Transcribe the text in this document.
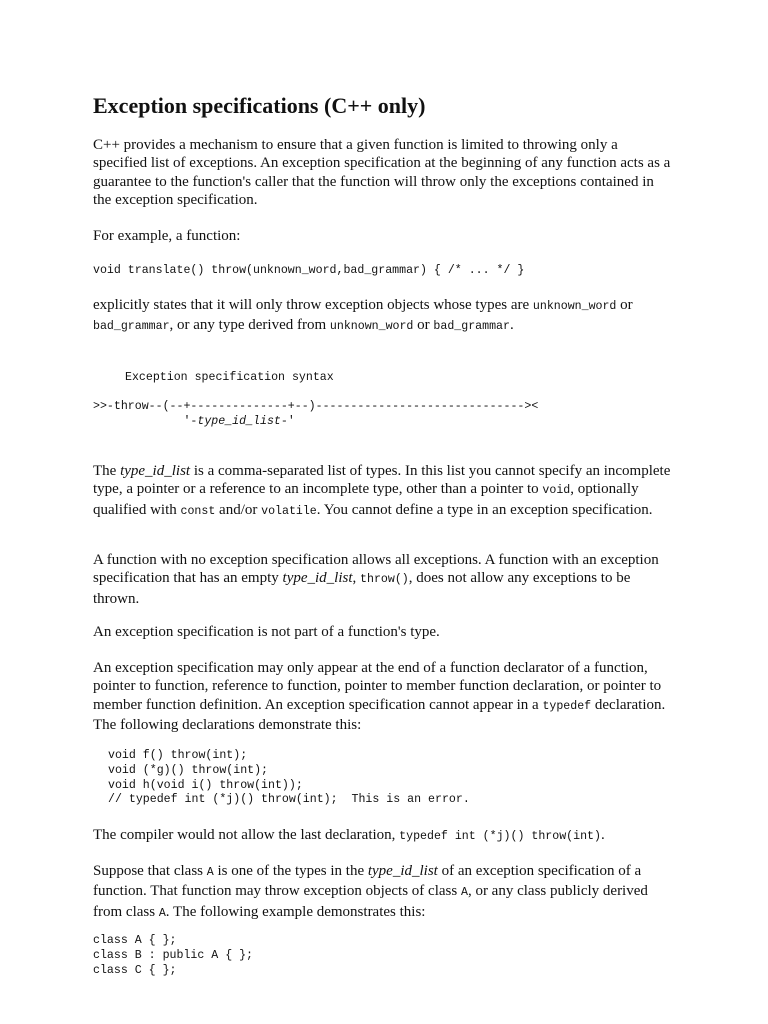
Exception specifications (C++ only)

C++ provides a mechanism to ensure that a given function is limited to throwing only a specified list of exceptions. An exception specification at the beginning of any function acts as a guarantee to the function's caller that the function will throw only the exceptions contained in the exception specification.

For example, a function:

void translate() throw(unknown_word,bad_grammar) { /* ... */ }

explicitly states that it will only throw exception objects whose types are unknown_word or bad_grammar, or any type derived from unknown_word or bad_grammar.

Exception specification syntax
>>-throw--(--+--------------+--)------------------------------><
'-type_id_list-'

The type_id_list is a comma-separated list of types. In this list you cannot specify an incomplete type, a pointer or a reference to an incomplete type, other than a pointer to void, optionally qualified with const and/or volatile. You cannot define a type in an exception specification.

A function with no exception specification allows all exceptions. A function with an exception specification that has an empty type_id_list, throw(), does not allow any exceptions to be thrown.

An exception specification is not part of a function's type.

An exception specification may only appear at the end of a function declarator of a function, pointer to function, reference to function, pointer to member function declaration, or pointer to member function definition. An exception specification cannot appear in a typedef declaration. The following declarations demonstrate this:

void f() throw(int);
void (*g)() throw(int);
void h(void i() throw(int));
// typedef int (*j)() throw(int);  This is an error.

The compiler would not allow the last declaration, typedef int (*j)() throw(int).

Suppose that class A is one of the types in the type_id_list of an exception specification of a function. That function may throw exception objects of class A, or any class publicly derived from class A. The following example demonstrates this:

class A { };
class B : public A { };
class C { };
